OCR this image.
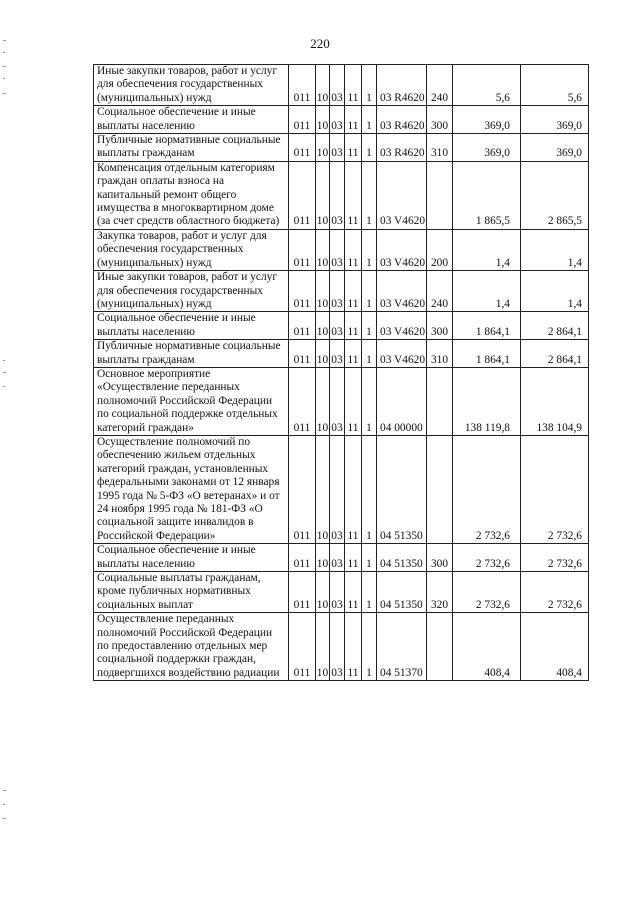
220
Иные закупки товаров, работ и услуг для обеспечения государственных (муниципальных) нужд	011	10	03	11	1	03 R4620	240	5,6	5,6
Социальное обеспечение и иные выплаты населению	011	10	03	11	1	03 R4620	300	369,0	369,0
Публичные нормативные социальные выплаты гражданам	011	10	03	11	1	03 R4620	310	369,0	369,0
Компенсация отдельным категориям граждан оплаты взноса на капитальный ремонт общего имущества в многоквартирном доме (за счет средств областного бюджета)	011	10	03	11	1	03 V4620		1 865,5	2 865,5
Закупка товаров, работ и услуг для обеспечения государственных (муниципальных) нужд	011	10	03	11	1	03 V4620	200	1,4	1,4
Иные закупки товаров, работ и услуг для обеспечения государственных (муниципальных) нужд	011	10	03	11	1	03 V4620	240	1,4	1,4
Социальное обеспечение и иные выплаты населению	011	10	03	11	1	03 V4620	300	1 864,1	2 864,1
Публичные нормативные социальные выплаты гражданам	011	10	03	11	1	03 V4620	310	1 864,1	2 864,1
Основное мероприятие «Осуществление переданных полномочий Российской Федерации по социальной поддержке отдельных категорий граждан»	011	10	03	11	1	04 00000		138 119,8	138 104,9
Осуществление полномочий по обеспечению жильем отдельных категорий граждан, установленных федеральными законами от 12 января 1995 года № 5-ФЗ «О ветеранах» и от 24 ноября 1995 года № 181-ФЗ «О социальной защите инвалидов в Российской Федерации»	011	10	03	11	1	04 51350		2 732,6	2 732,6
Социальное обеспечение и иные выплаты населению	011	10	03	11	1	04 51350	300	2 732,6	2 732,6
Социальные выплаты гражданам, кроме публичных нормативных социальных выплат	011	10	03	11	1	04 51350	320	2 732,6	2 732,6
Осуществление переданных полномочий Российской Федерации по предоставлению отдельных мер социальной поддержки граждан, подвергшихся воздействию радиации	011	10	03	11	1	04 51370		408,4	408,4
